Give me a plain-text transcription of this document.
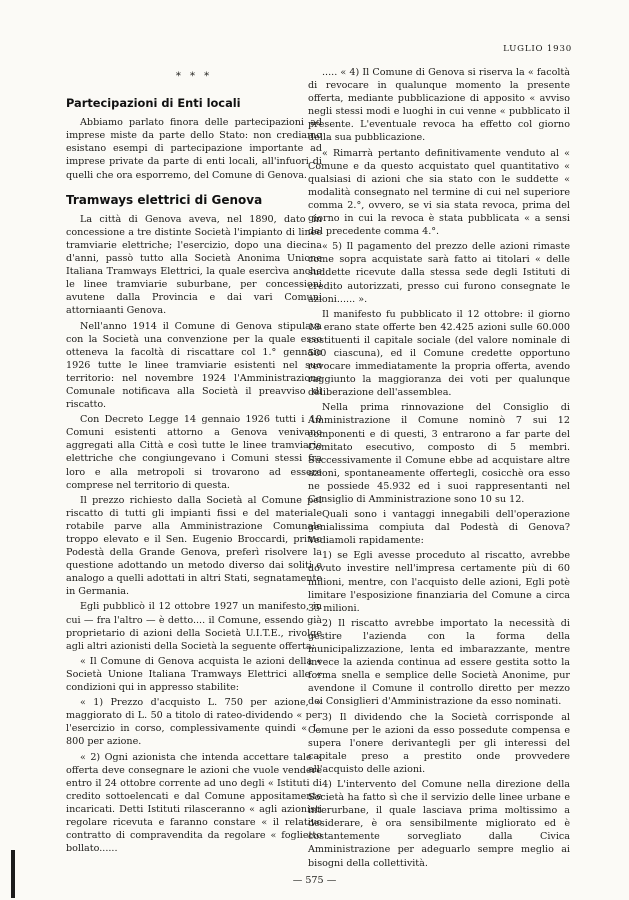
LUGLIO 1930
* * *
Partecipazioni di Enti locali

Abbiamo parlato finora delle partecipazioni ad imprese miste da parte dello Stato: non crediamo esistano esempi di partecipazione importante ad imprese private da parte di enti locali, all'infuori di quelli che ora esporremo, del Comune di Genova.

Tramways elettrici di Genova

La città di Genova aveva, nel 1890, dato in concessione a tre distinte Società l'impianto di linee tramviarie elettriche; l'esercizio, dopo una diecina d'anni, passò tutto alla Società Anonima Unione Italiana Tramways Elettrici, la quale esercìva anche le linee tramviarie suburbane, per concessioni avutene dalla Provincia e dai vari Comuni attorniaanti Genova.

Nell'anno 1914 il Comune di Genova stipulava con la Società una convenzione per la quale esso otteneva la facoltà di riscattare col 1.° gennaio 1926 tutte le linee tramviarie esistenti nel suo territorio: nel novembre 1924 l'Amministrazione Comunale notificava alla Società il preavviso di riscatto.

Con Decreto Legge 14 gennaio 1926 tutti i 10 Comuni esistenti attorno a Genova venivano aggregati alla Città e così tutte le linee tramviarie elettriche che congiungevano i Comuni stessi fra loro e alla metropoli si trovarono ad essere comprese nel territorio di questa.

Il prezzo richiesto dalla Società al Comune pel riscatto di tutti gli impianti fissi e del materiale rotabile parve alla Amministrazione Comunale troppo elevato e il Sen. Eugenio Broccardi, primo Podestà della Grande Genova, preferì risolvere la questione adottando un metodo diverso dai soliti e analogo a quelli adottati in altri Stati, segnatamente in Germania.

Egli pubblicò il 12 ottobre 1927 un manifesto, in cui — fra l'altro — è detto.... il Comune, essendo già proprietario di azioni della Società U.I.T.E., rivolge agli altri azionisti della Società la seguente offerta:

« Il Comune di Genova acquista le azioni della « Società Unione Italiana Tramways Elettrici alle « condizioni qui in appresso stabilite:

« 1) Prezzo d'acquisto L. 750 per azione, « maggiorato di L. 50 a titolo di rateo-dividendo « per l'esercizio in corso, complessivamente quindi « L. 800 per azione.

« 2) Ogni azionista che intenda accettare tale « offerta deve consegnare le azioni che vuole vendere entro il 24 ottobre corrente ad uno degli « Istituti di credito sottoelencati e dal Comune appositamente incaricati. Detti Istituti rilasceranno « agli azionisti regolare ricevuta e faranno constare « il relativo contratto di compravendita da regolare « foglietto bollato......

..... « 4) Il Comune di Genova si riserva la « facoltà di revocare in qualunque momento la presente offerta, mediante pubblicazione di apposito « avviso negli stessi modi e luoghi in cui venne « pubblicato il presente. L'eventuale revoca ha effetto col giorno della sua pubblicazione.

« Rimarrà pertanto definitivamente venduto al « Comune e da questo acquistato quel quantitativo « qualsiasi di azioni che sia stato con le suddette « modalità consegnato nel termine di cui nel superiore comma 2.°, ovvero, se vi sia stata revoca, prima del giorno in cui la revoca è stata pubblicata « a sensi del precedente comma 4.°.

« 5) Il pagamento del prezzo delle azioni rimaste come sopra acquistate sarà fatto ai titolari « delle suddette ricevute dalla stessa sede degli Istituti di credito autorizzati, presso cui furono consegnate le azioni...... ».

Il manifesto fu pubblicato il 12 ottobre: il giorno 18 erano state offerte ben 42.425 azioni sulle 60.000 costituenti il capitale sociale (del valore nominale di 500 ciascuna), ed il Comune credette opportuno revocare immediatamente la propria offerta, avendo raggiunto la maggioranza dei voti per qualunque deliberazione dell'assemblea.

Nella prima rinnovazione del Consiglio di Amministrazione il Comune nominò 7 sui 12 componenti e di questi, 3 entrarono a far parte del Comitato esecutivo, composto di 5 membri. Successivamente il Comune ebbe ad acquistare altre azioni, spontaneamente offertegli, cosicchè ora esso ne possiede 45.932 ed i suoi rappresentanti nel Consiglio di Amministrazione sono 10 su 12.

Quali sono i vantaggi innegabili dell'operazione genialissima compiuta dal Podestà di Genova? Vediamoli rapidamente:

1) se Egli avesse proceduto al riscatto, avrebbe dovuto investire nell'impresa certamente più di 60 milioni, mentre, con l'acquisto delle azioni, Egli potè limitare l'esposizione finanziaria del Comune a circa 35 milioni.

2) Il riscatto avrebbe importato la necessità di gestire l'azienda con la forma della municipalizzazione, lenta ed imbarazzante, mentre invece la azienda continua ad essere gestita sotto la forma snella e semplice delle Società Anonime, pur avendone il Comune il controllo diretto per mezzo dei Consiglieri d'Amministrazione da esso nominati.

3) Il dividendo che la Società corrisponde al Comune per le azioni da esso possedute compensa e supera l'onere derivantegli per gli interessi del capitale preso a prestito onde provvedere all'acquisto delle azioni.

4) L'intervento del Comune nella direzione della Società ha fatto sì che il servizio delle linee urbane e interurbane, il quale lasciava prima moltissimo a desiderare, è ora sensibilmente migliorato ed è costantemente sorvegliato dalla Civica Amministrazione per adeguarlo sempre meglio ai bisogni della collettività.

— 575 —
